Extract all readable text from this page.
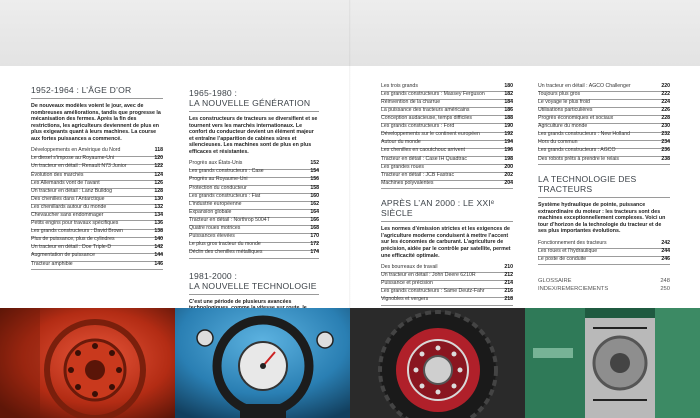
1952-1964 : L’ÂGE D’OR
De nouveaux modèles voient le jour, avec de nombreuses améliorations, tandis que progresse la mécanisation des fermes. Après la fin des restrictions, les agriculteurs deviennent de plus en plus exigeants quant à leurs machines. La course aux fortes puissances a commencé.
Développements en Amérique du Nord	118
Le diesel s’impose au Royaume-Uni	120
Un tracteur en détail : Renault N73 Junior	122
Évolution des marchés	124
Les Allemands vont de l’avant	126
Un tracteur en détail : Lanz Bulldog	128
Des chenilles dans l’Antarctique	130
Les chenillards autour du monde	132
Chevaucher sans endommager	134
Petits engins pour travaux spécifiques	136
Les grands constructeurs : David Brown	138
Plus de puissance, plus de cylindres	140
Un tracteur en détail : Doe Triple-D	142
Augmentation de puissance	144
Tracteur amphibie	146
1965-1980 :
LA NOUVELLE GÉNÉRATION
Les constructeurs de tracteurs se diversifient et se tournent vers les marchés internationaux. Le confort du conducteur devient un élément majeur et entraîne l’apparition de cabines sûres et silencieuses. Les machines sont de plus en plus efficaces et résistantes.
Progrès aux États-Unis	152
Les grands constructeurs : Case	154
Progrès au Royaume-Uni	156
Protection du conducteur	158
Les grands constructeurs : Fiat	160
L’industrie européenne	162
Expansion globale	164
Tracteur en détail : Northrop 5004T	166
Quatre roues motrices	168
Puissances élevées	170
Le plus gros tracteur du monde	172
Déclin des chenilles métalliques	174
1981-2000 :
LA NOUVELLE TECHNOLOGIE
C’est une période de plusieurs avancées
Les trois grands	180
Les grands constructeurs : Massey Ferguson	182
Réinvention de la charrue	184
La puissance des tracteurs américains	186
Conception audacieuse, temps difficiles	188
Les grands constructeurs : Ford	190
Développements sur le continent européen	192
Autour du monde	194
Les chenilles en caoutchouc arrivent	196
Tracteur en détail : Case IH Quadtrac	198
Les grandes roues	200
Tracteur en détail : JCB Fastrac	202
Machines polyvalentes	204
APRÈS L’AN 2000 : LE XXIᵉ SIÈCLE
Les normes d’émission strictes et les exigences de l’agriculture moderne conduisent à mettre l’accent sur les économies de carburant. L’agriculture de précision, aidée par le contrôle par satellite, permet une efficacité optimale.
Des bourreaux de travail	210
Un tracteur en détail : John Deere 6210R	212
Puissance et précision	214
Les grands constructeurs : Same Deutz-Fahr	216
Vignobles et vergers	218
Un tracteur en détail : AGCO Challenger	220
Toujours plus gros	222
Le voyage le plus froid	224
Utilisations particulières	226
Progrès économiques et sociaux	228
Agriculture du monde	230
Les grands constructeurs : New Holland	232
Hors du commun	234
Les grands constructeurs : AGCO	236
Des robots prêts à prendre le relais	238
LA TECHNOLOGIE DES TRACTEURS
Système hydraulique de pointe, puissance extraordinaire du moteur : les tracteurs sont des machines exceptionnellement complexes. Voici un tour d’horizon de la technologie du tracteur et de ses plus importantes évolutions.
Fonctionnement des tracteurs	242
Les roues et l’hydraulique	244
Le poste de conduite	246
GLOSSAIRE	248
INDEX/REMERCIEMENTS	250
